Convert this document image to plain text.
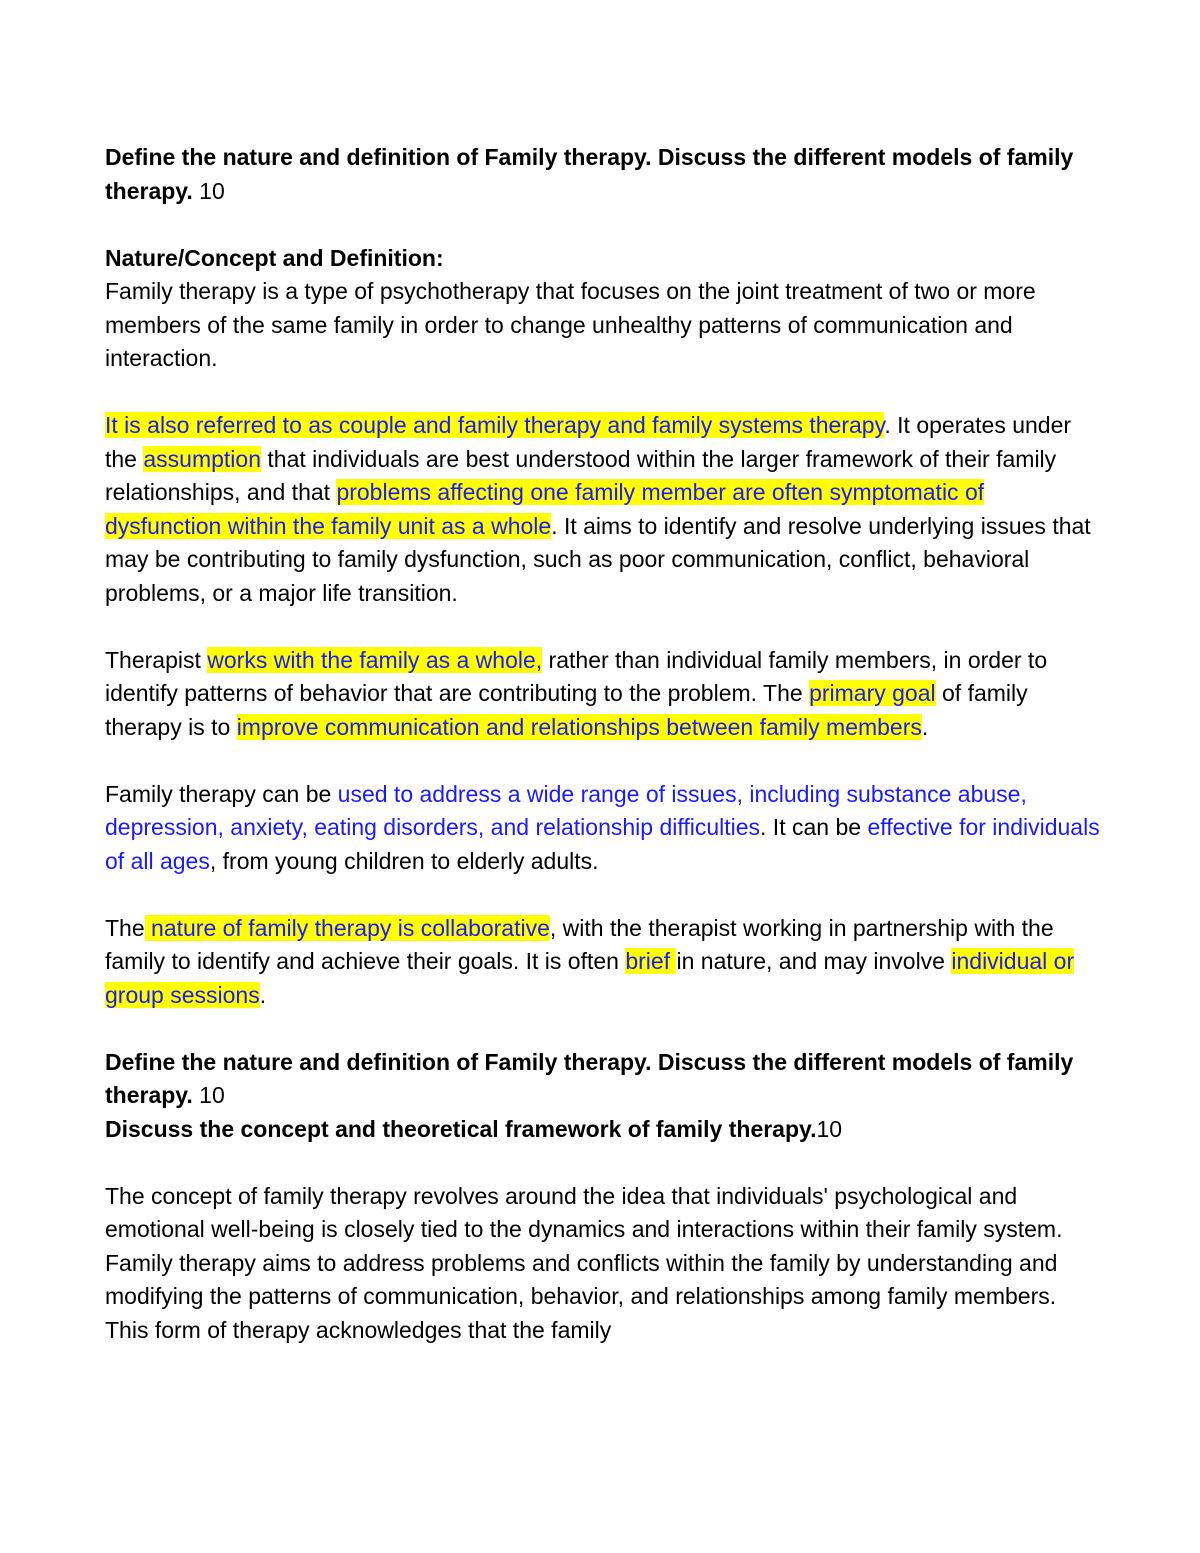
Define the nature and definition of Family therapy. Discuss the different models of family therapy. 10

Nature/Concept and Definition:

Family therapy is a type of psychotherapy that focuses on the joint treatment of two or more members of the same family in order to change unhealthy patterns of communication and interaction.

It is also referred to as couple and family therapy and family systems therapy. It operates under the assumption that individuals are best understood within the larger framework of their family relationships, and that problems affecting one family member are often symptomatic of dysfunction within the family unit as a whole. It aims to identify and resolve underlying issues that may be contributing to family dysfunction, such as poor communication, conflict, behavioral problems, or a major life transition.

Therapist works with the family as a whole, rather than individual family members, in order to identify patterns of behavior that are contributing to the problem. The primary goal of family therapy is to improve communication and relationships between family members.

Family therapy can be used to address a wide range of issues, including substance abuse, depression, anxiety, eating disorders, and relationship difficulties. It can be effective for individuals of all ages, from young children to elderly adults.

The nature of family therapy is collaborative, with the therapist working in partnership with the family to identify and achieve their goals. It is often brief in nature, and may involve individual or group sessions.

Define the nature and definition of Family therapy. Discuss the different models of family therapy. 10

Discuss the concept and theoretical framework of family therapy.10

The concept of family therapy revolves around the idea that individuals' psychological and emotional well-being is closely tied to the dynamics and interactions within their family system. Family therapy aims to address problems and conflicts within the family by understanding and modifying the patterns of communication, behavior, and relationships among family members. This form of therapy acknowledges that the family
